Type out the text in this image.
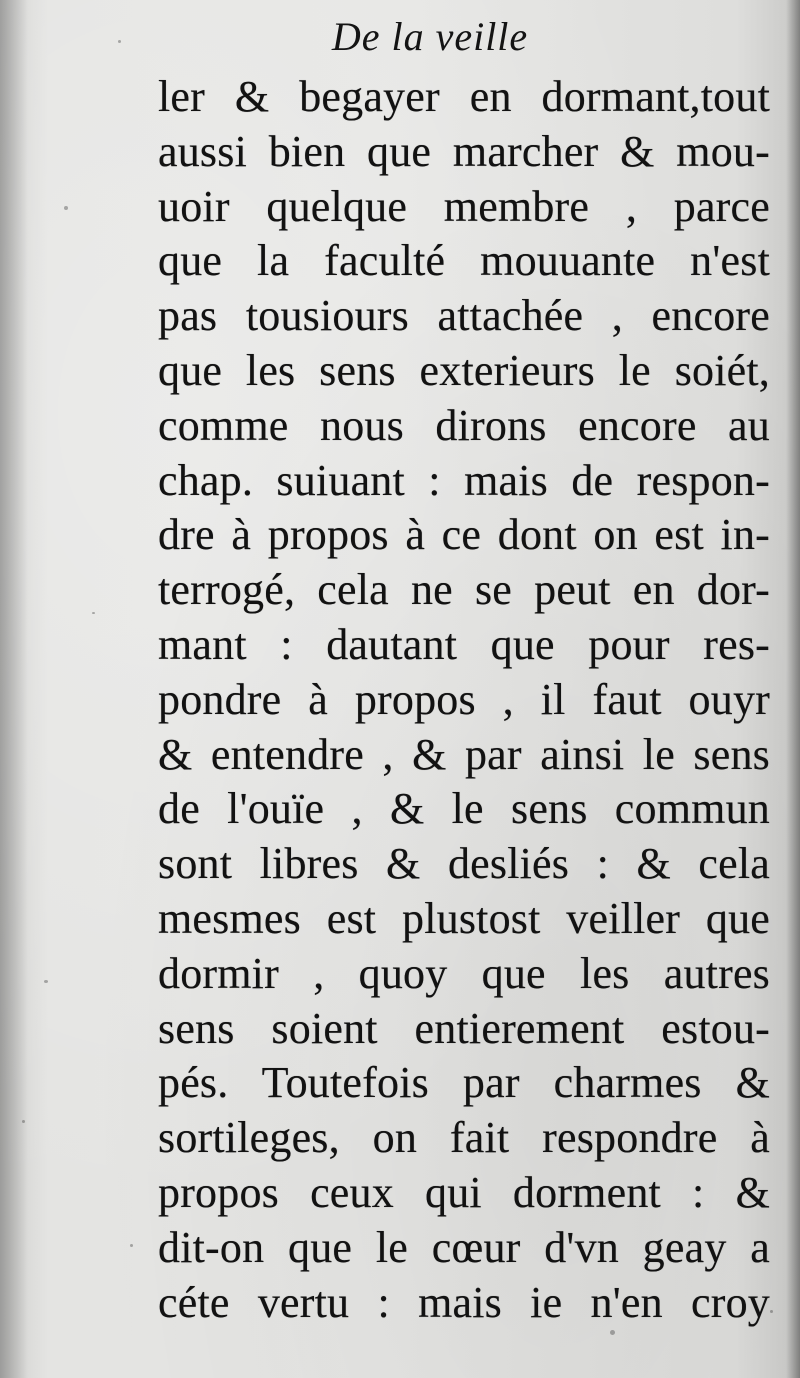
De la veille
ler & begayer en dormant,tout
aussi bien que marcher & mou-
uoir quelque membre , parce
que la faculté mouuante n'est
pas tousiours attachée , encore
que les sens exterieurs le soiét,
comme nous dirons encore au
chap. suiuant : mais de respon-
dre à propos à ce dont on est in-
terrogé, cela ne se peut en dor-
mant : dautant que pour res-
pondre à propos , il faut ouyr
& entendre , & par ainsi le sens
de l'ouïe , & le sens commun
sont libres & desliés : & cela
mesmes est plustost veiller que
dormir , quoy que les autres
sens soient entierement estou-
pés. Toutefois par charmes &
sortileges, on fait respondre à
propos ceux qui dorment : &
dit-on que le cœur d'vn geay a
céte vertu : mais ie n'en croy
